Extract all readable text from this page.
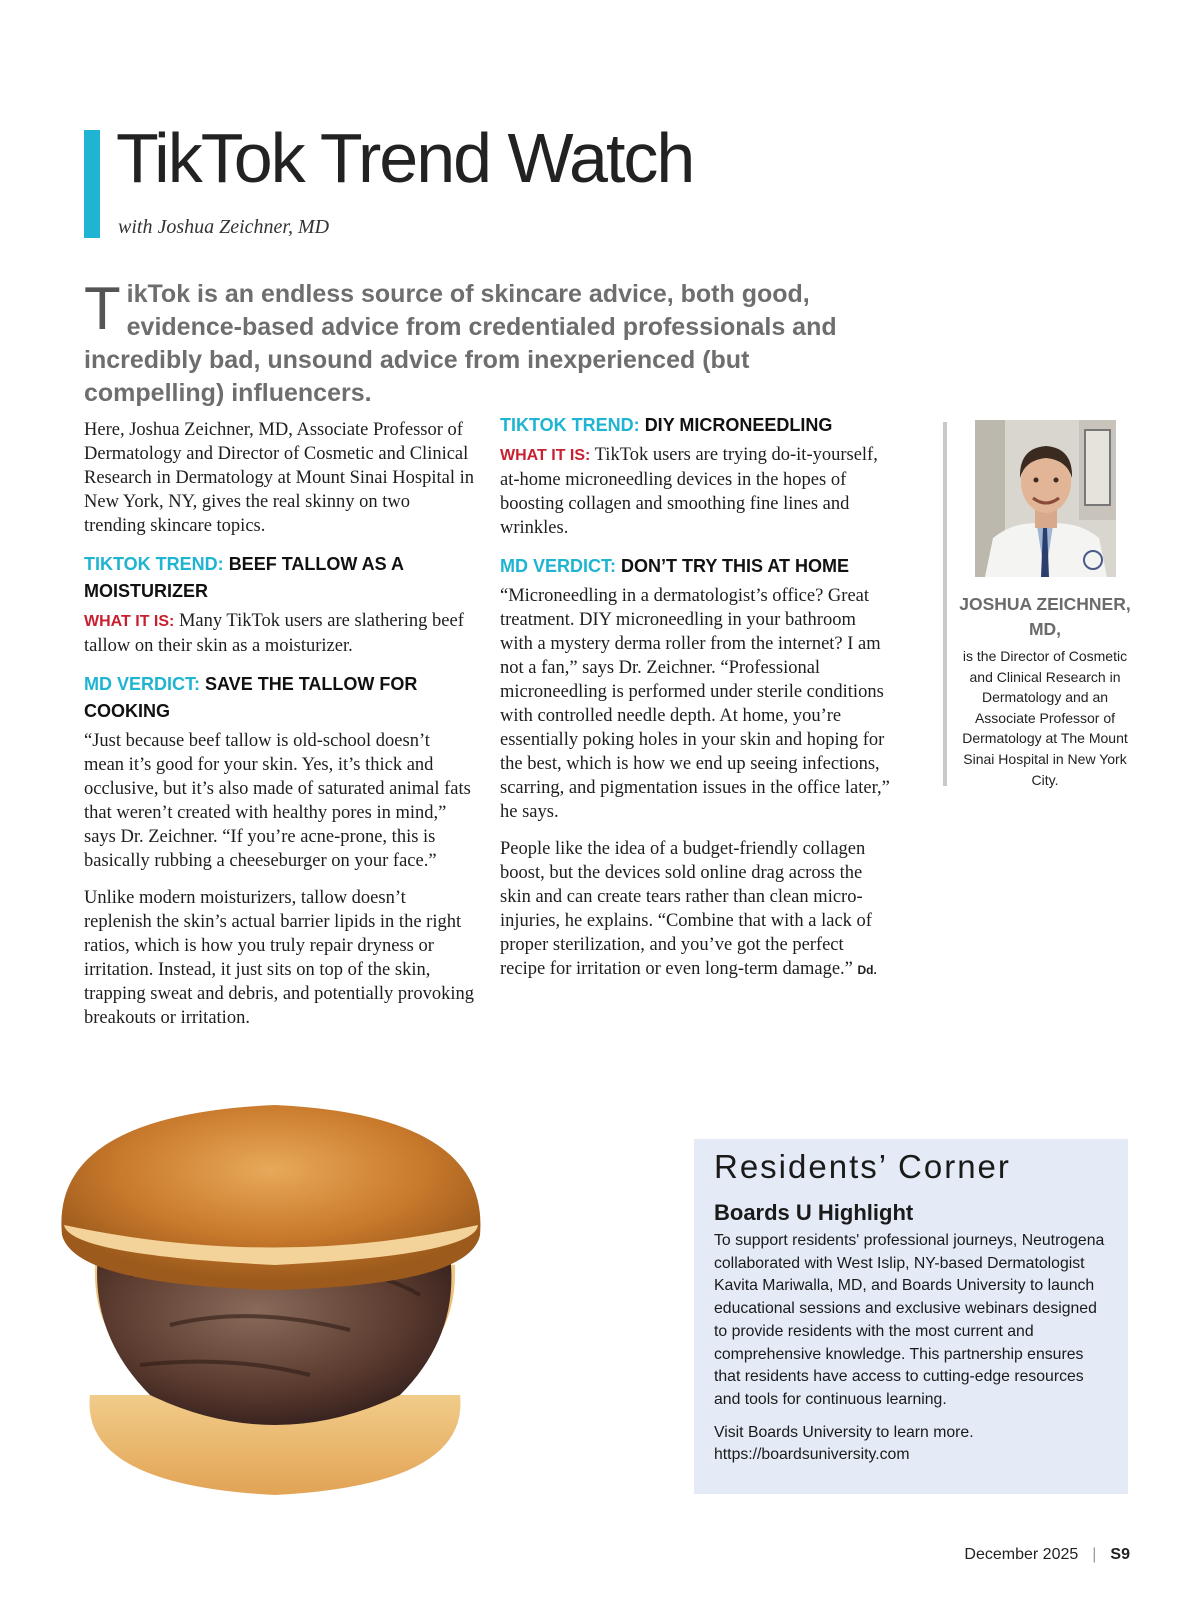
TikTok Trend Watch
with Joshua Zeichner, MD
TikTok is an endless source of skincare advice, both good, evidence-based advice from credentialed professionals and incredibly bad, unsound advice from inexperienced (but compelling) influencers.

Here, Joshua Zeichner, MD, Associate Professor of Dermatology and Director of Cosmetic and Clinical Research in Dermatology at Mount Sinai Hospital in New York, NY, gives the real skinny on two trending skincare topics.

TIKTOK TREND: BEEF TALLOW AS A MOISTURIZER

WHAT IT IS: Many TikTok users are slathering beef tallow on their skin as a moisturizer.

MD VERDICT: SAVE THE TALLOW FOR COOKING

“Just because beef tallow is old-school doesn’t mean it’s good for your skin. Yes, it’s thick and occlusive, but it’s also made of saturated animal fats that weren’t created with healthy pores in mind,” says Dr. Zeichner. “If you’re acne-prone, this is basically rubbing a cheeseburger on your face.”

Unlike modern moisturizers, tallow doesn’t replenish the skin’s actual barrier lipids in the right ratios, which is how you truly repair dryness or irritation. Instead, it just sits on top of the skin, trapping sweat and debris, and potentially provoking breakouts or irritation.

TIKTOK TREND: DIY MICRONEEDLING

WHAT IT IS: TikTok users are trying do-it-yourself, at-home microneedling devices in the hopes of boosting collagen and smoothing fine lines and wrinkles.

MD VERDICT: DON’T TRY THIS AT HOME

“Microneedling in a dermatologist’s office? Great treatment. DIY microneedling in your bathroom with a mystery derma roller from the internet? I am not a fan,” says Dr. Zeichner. “Professional microneedling is performed under sterile conditions with controlled needle depth. At home, you’re essentially poking holes in your skin and hoping for the best, which is how we end up seeing infections, scarring, and pigmentation issues in the office later,” he says.

People like the idea of a budget-friendly collagen boost, but the devices sold online drag across the skin and can create tears rather than clean micro-injuries, he explains. “Combine that with a lack of proper sterilization, and you’ve got the perfect recipe for irritation or even long-term damage.” Dd.

JOSHUA ZEICHNER, MD,
is the Director of Cosmetic and Clinical Research in Dermatology and an Associate Professor of Dermatology at The Mount Sinai Hospital in New York City.
Residents’ Corner
Boards U Highlight

To support residents' professional journeys, Neutrogena collaborated with West Islip, NY-based Dermatologist Kavita Mariwalla, MD, and Boards University to launch educational sessions and exclusive webinars designed to provide residents with the most current and comprehensive knowledge. This partnership ensures that residents have access to cutting-edge resources and tools for continuous learning.

Visit Boards University to learn more.
https://boardsuniversity.com

December 2025 | S9
